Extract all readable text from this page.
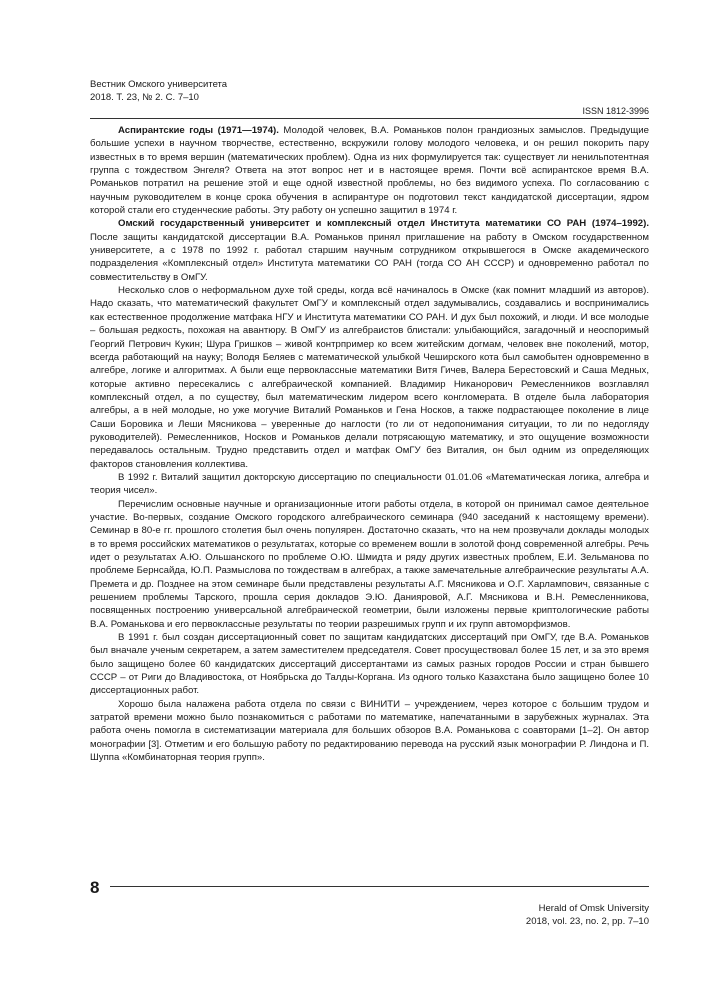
Вестник Омского университета
2018. Т. 23, № 2. С. 7–10
ISSN 1812-3996

Аспирантские годы (1971—1974). Молодой человек, В.А. Романьков полон грандиозных замыслов. Предыдущие большие успехи в научном творчестве, естественно, вскружили голову молодого человека, и он решил покорить пару известных в то время вершин (математических проблем). Одна из них формулируется так: существует ли ненильпотентная группа с тождеством Энгеля? Ответа на этот вопрос нет и в настоящее время. Почти всё аспирантское время В.А. Романьков потратил на решение этой и еще одной известной проблемы, но без видимого успеха. По согласованию с научным руководителем в конце срока обучения в аспирантуре он подготовил текст кандидатской диссертации, ядром которой стали его студенческие работы. Эту работу он успешно защитил в 1974 г.

Омский государственный университет и комплексный отдел Института математики СО РАН (1974–1992). После защиты кандидатской диссертации В.А. Романьков принял приглашение на работу в Омском государственном университете, а с 1978 по 1992 г. работал старшим научным сотрудником открывшегося в Омске академического подразделения «Комплексный отдел» Института математики СО РАН (тогда СО АН СССР) и одновременно работал по совместительству в ОмГУ.

Несколько слов о неформальном духе той среды, когда всё начиналось в Омске (как помнит младший из авторов). Надо сказать, что математический факультет ОмГУ и комплексный отдел задумывались, создавались и воспринимались как естественное продолжение матфака НГУ и Института математики СО РАН. И дух был похожий, и люди. И все молодые – большая редкость, похожая на авантюру. В ОмГУ из алгебраистов блистали: улыбающийся, загадочный и неоспоримый Георгий Петрович Кукин; Шура Гришков – живой контрпример ко всем житейским догмам, человек вне поколений, мотор, всегда работающий на науку; Володя Беляев с математической улыбкой Чеширского кота был самобытен одновременно в алгебре, логике и алгоритмах. А были еще первоклассные математики Витя Гичев, Валера Берестовский и Саша Медных, которые активно пересекались с алгебраической компанией. Владимир Никанорович Ремесленников возглавлял комплексный отдел, а по существу, был математическим лидером всего конгломерата. В отделе была лаборатория алгебры, а в ней молодые, но уже могучие Виталий Романьков и Гена Носков, а также подрастающее поколение в лице Саши Боровика и Леши Мясникова – уверенные до наглости (то ли от недопонимания ситуации, то ли по недогляду руководителей). Ремесленников, Носков и Романьков делали потрясающую математику, и это ощущение возможности передавалось остальным. Трудно представить отдел и матфак ОмГУ без Виталия, он был одним из определяющих факторов становления коллектива.

В 1992 г. Виталий защитил докторскую диссертацию по специальности 01.01.06 «Математическая логика, алгебра и теория чисел».

Перечислим основные научные и организационные итоги работы отдела, в которой он принимал самое деятельное участие. Во-первых, создание Омского городского алгебраического семинара (940 заседаний к настоящему времени). Семинар в 80-е гг. прошлого столетия был очень популярен. Достаточно сказать, что на нем прозвучали доклады молодых в то время российских математиков о результатах, которые со временем вошли в золотой фонд современной алгебры. Речь идет о результатах А.Ю. Ольшанского по проблеме О.Ю. Шмидта и ряду других известных проблем, Е.И. Зельманова по проблеме Бернсайда, Ю.П. Размыслова по тождествам в алгебрах, а также замечательные алгебраические результаты А.А. Премета и др. Позднее на этом семинаре были представлены результаты А.Г. Мясникова и О.Г. Харлампович, связанные с решением проблемы Тарского, прошла серия докладов Э.Ю. Данияровой, А.Г. Мясникова и В.Н. Ремесленникова, посвященных построению универсальной алгебраической геометрии, были изложены первые криптологические работы В.А. Романькова и его первоклассные результаты по теории разрешимых групп и их групп автоморфизмов.

В 1991 г. был создан диссертационный совет по защитам кандидатских диссертаций при ОмГУ, где В.А. Романьков был вначале ученым секретарем, а затем заместителем председателя. Совет просуществовал более 15 лет, и за это время было защищено более 60 кандидатских диссертаций диссертантами из самых разных городов России и стран бывшего СССР – от Риги до Владивостока, от Ноябрьска до Талды-Коргана. Из одного только Казахстана было защищено более 10 диссертационных работ.

Хорошо была налажена работа отдела по связи с ВИНИТИ – учреждением, через которое с большим трудом и затратой времени можно было познакомиться с работами по математике, напечатанными в зарубежных журналах. Эта работа очень помогла в систематизации материала для больших обзоров В.А. Романькова с соавторами [1–2]. Он автор монографии [3]. Отметим и его большую работу по редактированию перевода на русский язык монографии Р. Линдона и П. Шуппа «Комбинаторная теория групп».

8
Herald of Omsk University
2018, vol. 23, no. 2, pp. 7–10
